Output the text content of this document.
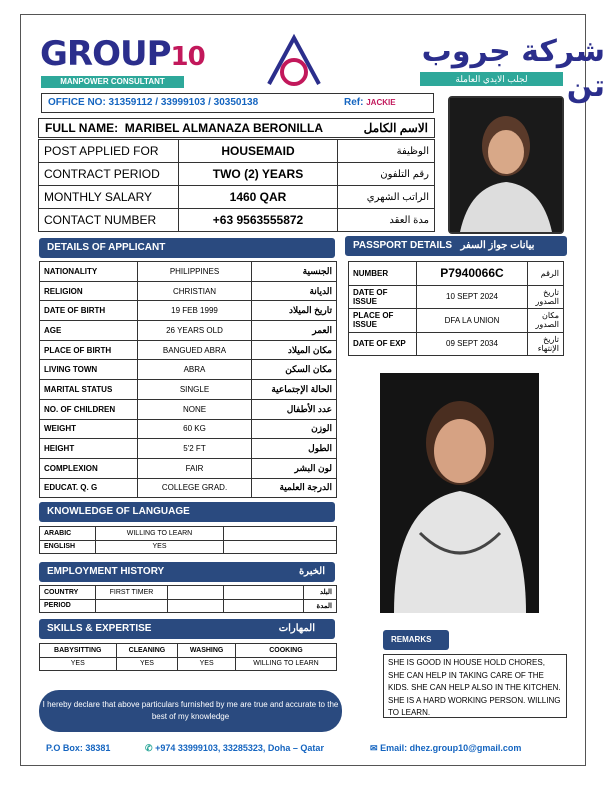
GROUP10
MANPOWER CONSULTANT
شركة جروب تن
لجلب الايدي العاملة
OFFICE NO: 31359112 / 33999103 / 30350138	Ref: JACKIE
FULL NAME: MARIBEL ALMANAZA BERONILLA	الاسم الكامل
POST APPLIED FOR	HOUSEMAID	الوظيفة
CONTRACT PERIOD	TWO (2) YEARS	رقم التلفون
MONTHLY SALARY	1460 QAR	الراتب الشهري
CONTACT NUMBER	+63 9563555872	مدة العقد
DETAILS OF APPLICANT
NATIONALITY	PHILIPPINES	الجنسية
RELIGION	CHRISTIAN	الديانة
DATE OF BIRTH	19 FEB 1999	تاريخ الميلاد
AGE	26 YEARS OLD	العمر
PLACE OF BIRTH	BANGUED ABRA	مكان الميلاد
LIVING TOWN	ABRA	مكان السكن
MARITAL STATUS	SINGLE	الحالة الإجتماعية
NO. OF CHILDREN	NONE	عدد الأطفال
WEIGHT	60 KG	الوزن
HEIGHT	5'2 FT	الطول
COMPLEXION	FAIR	لون البشر
EDUCAT. Q. G	COLLEGE GRAD.	الدرجة العلمية
PASSPORT DETAILS بيانات جواز السفر
NUMBER	P7940066C	الرقم
DATE OF ISSUE	10 SEPT 2024	تاريخ الصدور
PLACE OF ISSUE	DFA LA UNION	مكان الصدور
DATE OF EXP	09 SEPT 2034	تاريخ الإنتهاء
KNOWLEDGE OF LANGUAGE
ARABIC	WILLING TO LEARN	
ENGLISH	YES	
EMPLOYMENT HISTORY	الخبرة
COUNTRY	FIRST TIMER			البلد
PERIOD				المدة
SKILLS & EXPERTISE	المهارات
BABYSITTING	CLEANING	WASHING	COOKING
YES	YES	YES	WILLING TO LEARN
REMARKS
SHE IS GOOD IN HOUSE HOLD CHORES, SHE CAN HELP IN TAKING CARE OF THE KIDS. SHE CAN HELP ALSO IN THE KITCHEN. SHE IS A HARD WORKING PERSON. WILLING TO LEARN.
I hereby declare that above particulars furnished by me are true and accurate to the best of my knowledge
P.O Box: 38381	✆ +974 33999103, 33285323, Doha – Qatar	✉ Email: dhez.group10@gmail.com
